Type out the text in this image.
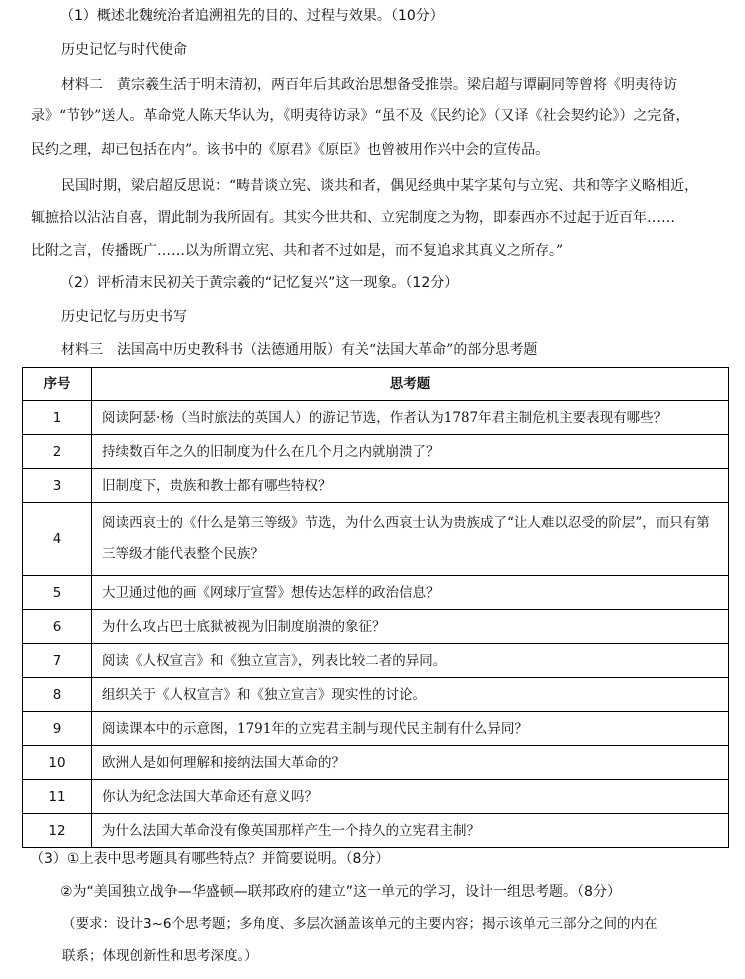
（1）概述北魏统治者追溯祖先的目的、过程与效果。（10分）
历史记忆与时代使命
材料二　黄宗羲生活于明末清初，两百年后其政治思想备受推崇。梁启超与谭嗣同等曾将《明夷待访
录》“节钞”送人。革命党人陈天华认为，《明夷待访录》“虽不及《民约论》（又译《社会契约论》）之完备，
民约之理，却已包括在内”。该书中的《原君》《原臣》也曾被用作兴中会的宣传品。
民国时期，梁启超反思说：“畴昔谈立宪、谈共和者，偶见经典中某字某句与立宪、共和等字义略相近，
辄摭拾以沾沾自喜，谓此制为我所固有。其实今世共和、立宪制度之为物，即泰西亦不过起于近百年……
比附之言，传播既广……以为所谓立宪、共和者不过如是，而不复追求其真义之所存。”
（2）评析清末民初关于黄宗羲的“记忆复兴”这一现象。（12分）
历史记忆与历史书写
材料三　法国高中历史教科书（法德通用版）有关“法国大革命”的部分思考题
序号	思考题
1	阅读阿瑟·杨（当时旅法的英国人）的游记节选，作者认为1787年君主制危机主要表现有哪些？
2	持续数百年之久的旧制度为什么在几个月之内就崩溃了？
3	旧制度下，贵族和教士都有哪些特权？
4	阅读西哀士的《什么是第三等级》节选，为什么西哀士认为贵族成了“让人难以忍受的阶层”，而只有第三等级才能代表整个民族？
5	大卫通过他的画《网球厅宣誓》想传达怎样的政治信息？
6	为什么攻占巴士底狱被视为旧制度崩溃的象征？
7	阅读《人权宣言》和《独立宣言》，列表比较二者的异同。
8	组织关于《人权宣言》和《独立宣言》现实性的讨论。
9	阅读课本中的示意图，1791年的立宪君主制与现代民主制有什么异同？
10	欧洲人是如何理解和接纳法国大革命的？
11	你认为纪念法国大革命还有意义吗？
12	为什么法国大革命没有像英国那样产生一个持久的立宪君主制？
（3）①上表中思考题具有哪些特点？并简要说明。（8分）
②为“美国独立战争—华盛顿—联邦政府的建立”这一单元的学习，设计一组思考题。（8分）
（要求：设计3~6个思考题；多角度、多层次涵盖该单元的主要内容；揭示该单元三部分之间的内在
联系；体现创新性和思考深度。）
